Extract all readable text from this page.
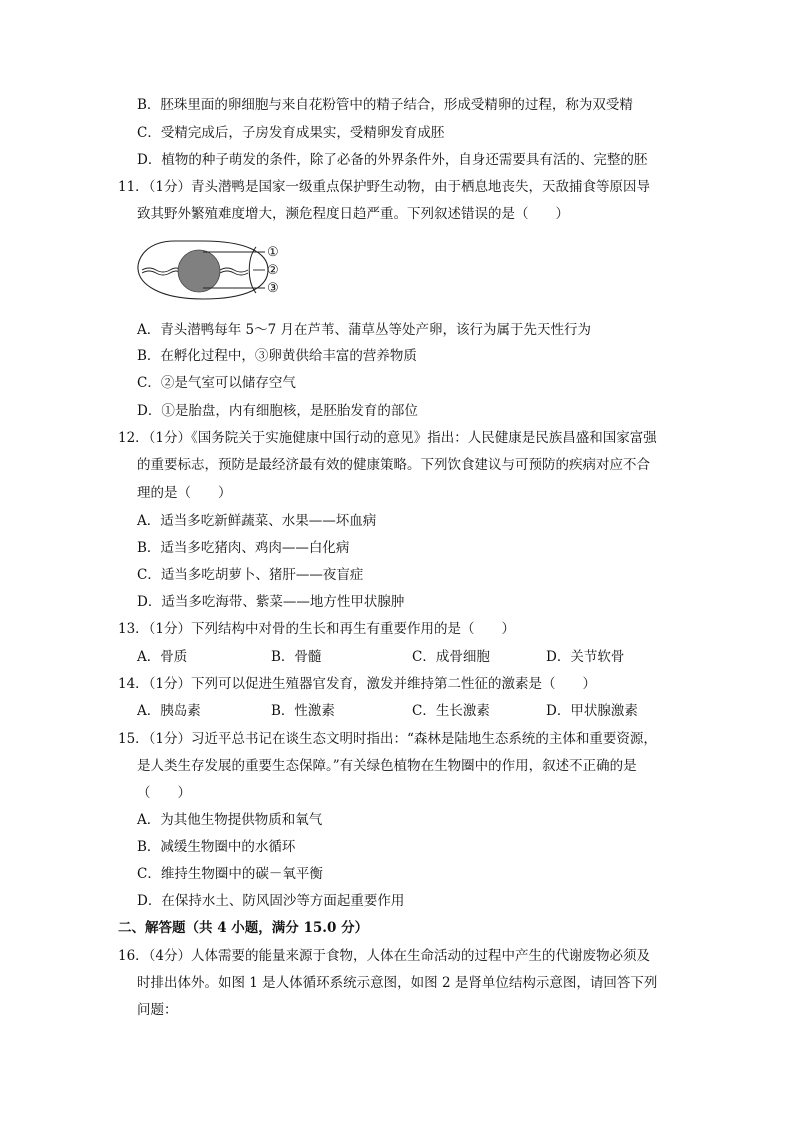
B．胚珠里面的卵细胞与来自花粉管中的精子结合，形成受精卵的过程，称为双受精
C．受精完成后，子房发育成果实，受精卵发育成胚
D．植物的种子萌发的条件，除了必备的外界条件外，自身还需要具有活的、完整的胚
11．（1分）青头潜鸭是国家一级重点保护野生动物，由于栖息地丧失，天敌捕食等原因导
致其野外繁殖难度增大，濒危程度日趋严重。下列叙述错误的是（　　）
①
②
③
A．青头潜鸭每年 5～7 月在芦苇、蒲草丛等处产卵，该行为属于先天性行为
B．在孵化过程中，③卵黄供给丰富的营养物质
C．②是气室可以储存空气
D．①是胎盘，内有细胞核，是胚胎发育的部位
12．（1分）《国务院关于实施健康中国行动的意见》指出：人民健康是民族昌盛和国家富强
的重要标志，预防是最经济最有效的健康策略。下列饮食建议与可预防的疾病对应不合
理的是（　　）
A．适当多吃新鲜蔬菜、水果——坏血病
B．适当多吃猪肉、鸡肉——白化病
C．适当多吃胡萝卜、猪肝——夜盲症
D．适当多吃海带、紫菜——地方性甲状腺肿
13．（1分）下列结构中对骨的生长和再生有重要作用的是（　　）
A．骨质	B．骨髓	C．成骨细胞	D．关节软骨
14．（1分）下列可以促进生殖器官发育，激发并维持第二性征的激素是（　　）
A．胰岛素	B．性激素	C．生长激素	D．甲状腺激素
15．（1分）习近平总书记在谈生态文明时指出：“森林是陆地生态系统的主体和重要资源，
是人类生存发展的重要生态保障。”有关绿色植物在生物圈中的作用，叙述不正确的是
（　　）
A．为其他生物提供物质和氧气
B．减缓生物圈中的水循环
C．维持生物圈中的碳－氧平衡
D．在保持水土、防风固沙等方面起重要作用
二、解答题（共 4 小题，满分 15.0 分）
16．（4分）人体需要的能量来源于食物，人体在生命活动的过程中产生的代谢废物必须及
时排出体外。如图 1 是人体循环系统示意图，如图 2 是肾单位结构示意图，请回答下列
问题：
